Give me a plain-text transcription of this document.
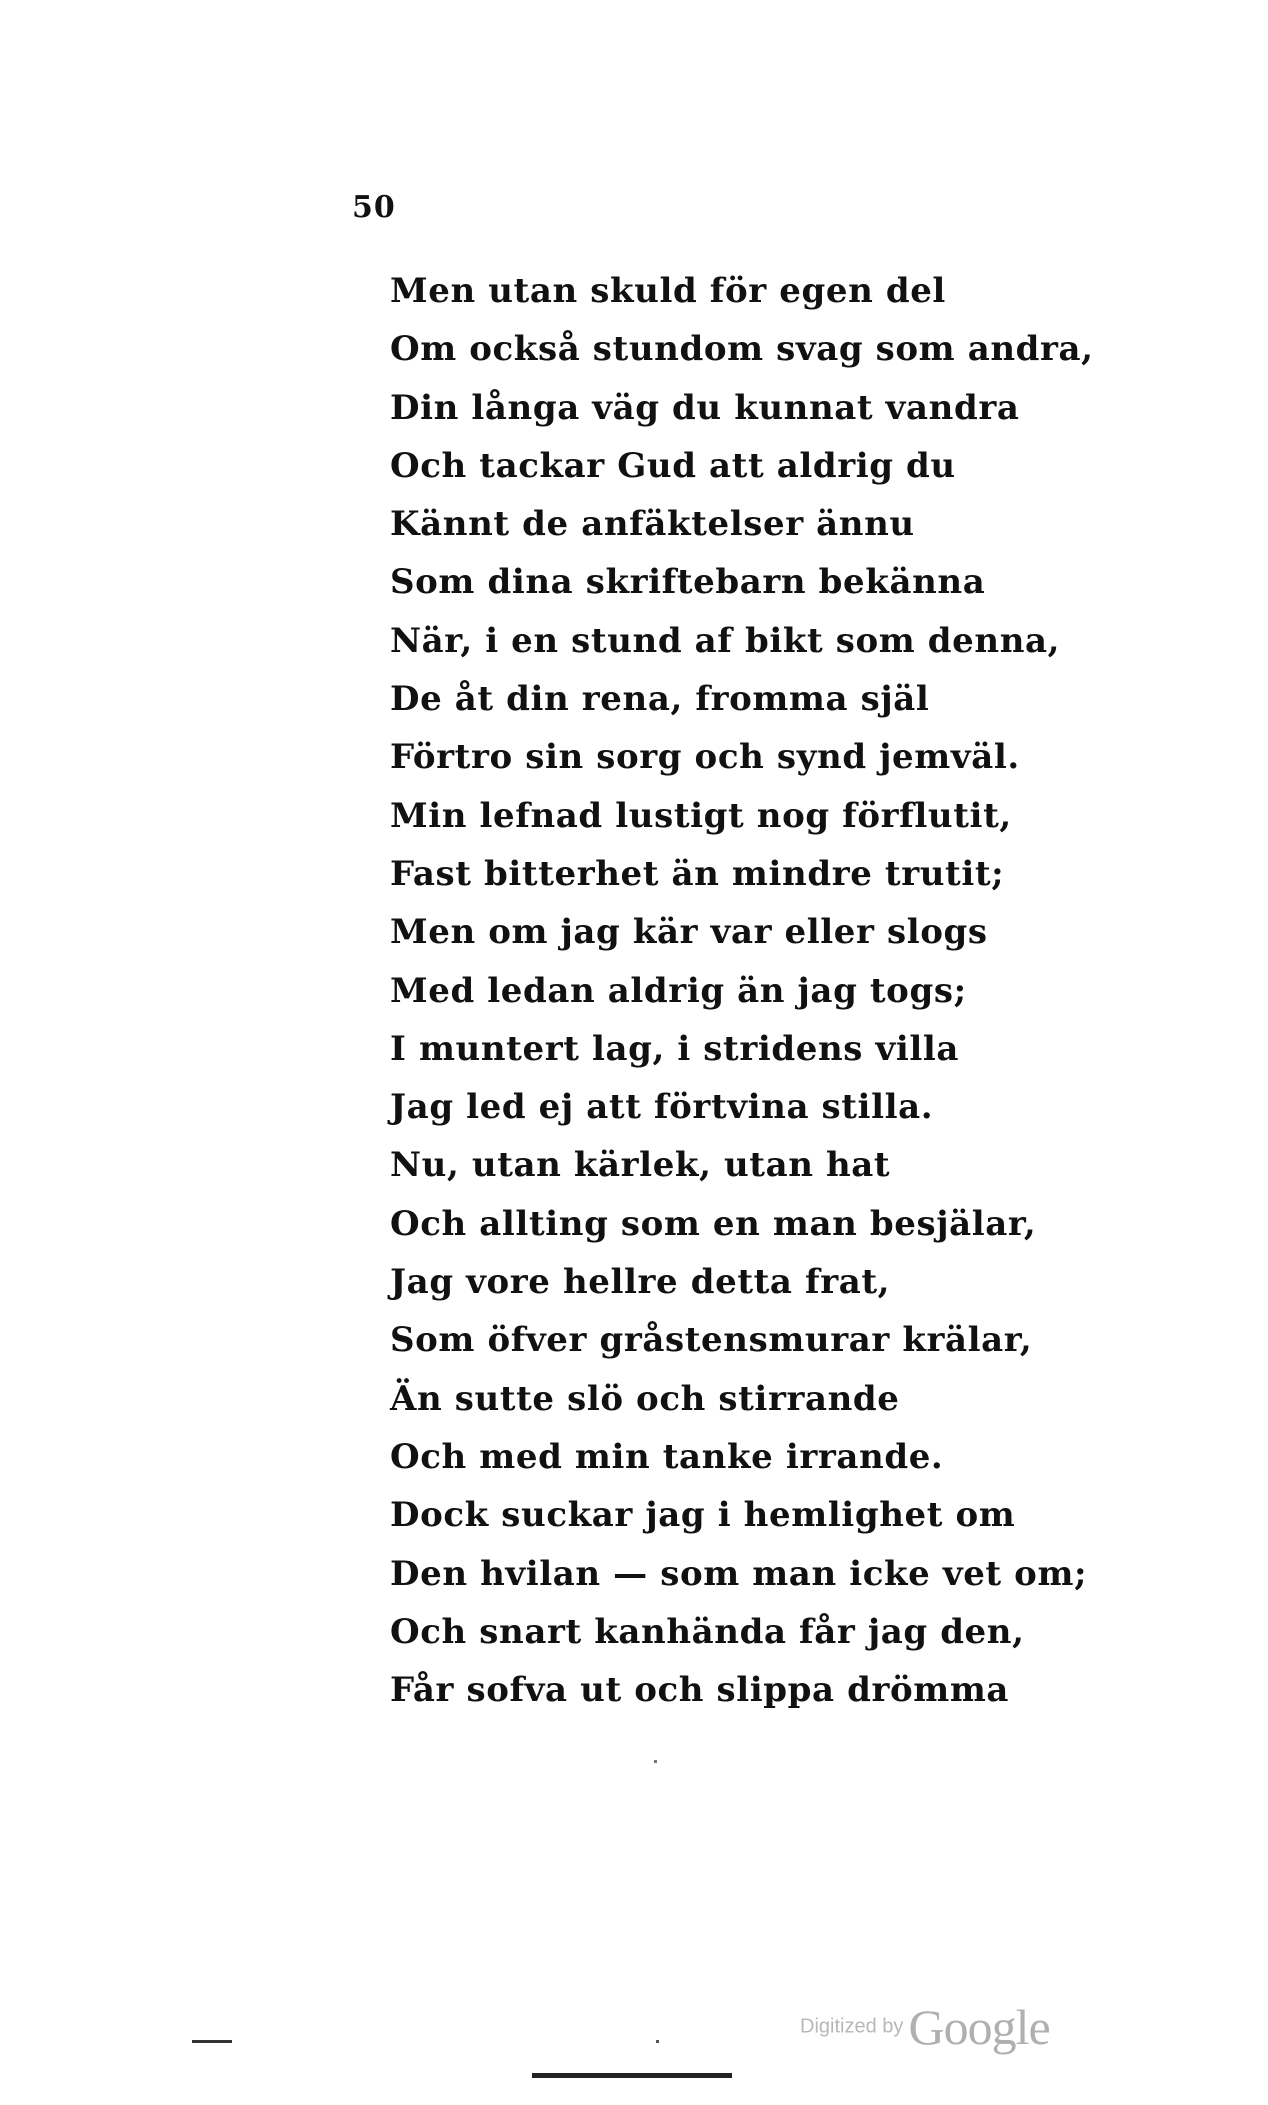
50
Men utan skuld för egen del
Om också stundom svag som andra,
Din långa väg du kunnat vandra
Och tackar Gud att aldrig du
Kännt de anfäktelser ännu
Som dina skriftebarn bekänna
När, i en stund af bikt som denna,
De åt din rena, fromma själ
Förtro sin sorg och synd jemväl.
Min lefnad lustigt nog förflutit,
Fast bitterhet än mindre trutit;
Men om jag kär var eller slogs
Med ledan aldrig än jag togs;
I muntert lag, i stridens villa
Jag led ej att förtvina stilla.
Nu, utan kärlek, utan hat
Och allting som en man besjälar,
Jag vore hellre detta frat,
Som öfver gråstensmurar krälar,
Än sutte slö och stirrande
Och med min tanke irrande.
Dock suckar jag i hemlighet om
Den hvilan — som man icke vet om;
Och snart kanhända får jag den,
Får sofva ut och slippa drömma
Digitized by Google
